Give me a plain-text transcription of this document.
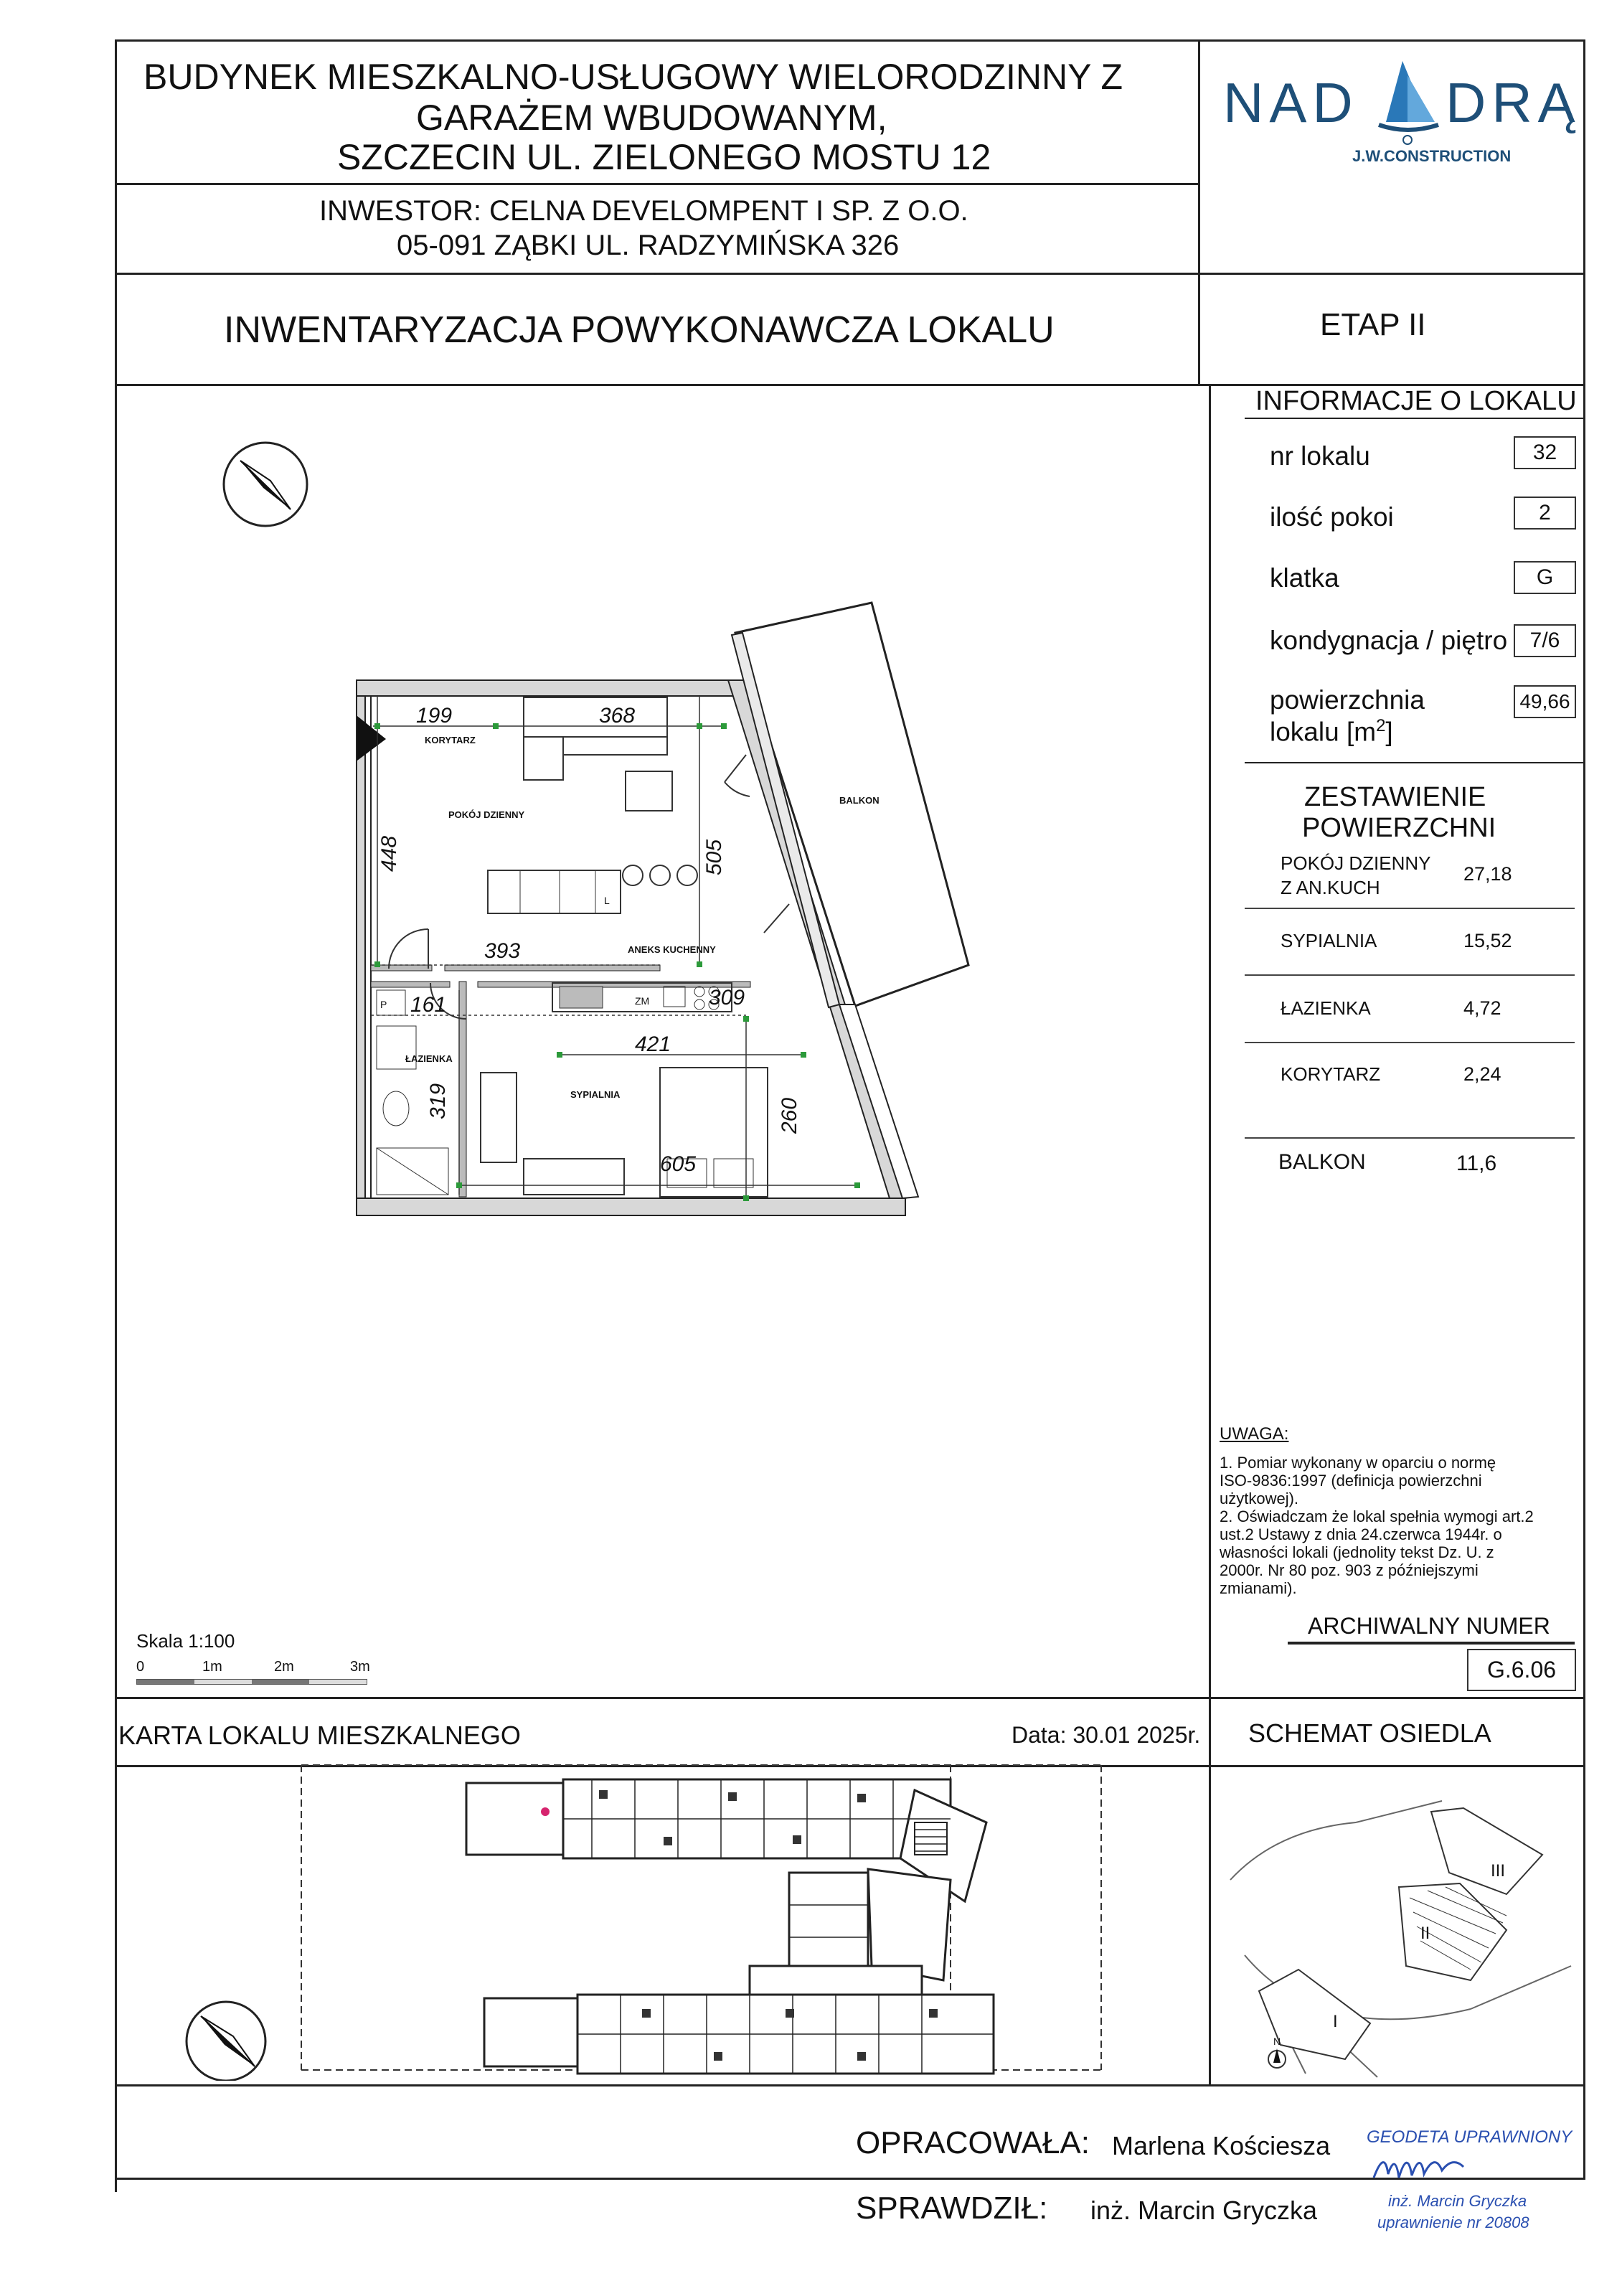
BUDYNEK MIESZKALNO-USŁUGOWY WIELORODZINNY Z
GARAŻEM WBUDOWANYM,
SZCZECIN UL. ZIELONEGO MOSTU 12
INWESTOR: CELNA DEVELOMPENT I SP. Z O.O.
05-091 ZĄBKI UL. RADZYMIŃSKA 326
INWENTARYZACJA POWYKONAWCZA LOKALU	ETAP II
NAD DRĄ
J.W.CONSTRUCTION
INFORMACJE O LOKALU
nr lokalu	32
ilość pokoi	2
klatka	G
kondygnacja / piętro	7/6
powierzchnia
lokalu $[m^2]$
49,66
ZESTAWIENIE
POWIERZCHNI
POKÓJ DZIENNY
Z AN.KUCH
27,18
SYPIALNIA	15,52
ŁAZIENKA	4,72
KORYTARZ	2,24
BALKON	11,6
UWAGA:
1. Pomiar wykonany w oparciu o normę
ISO-9836:1997 (definicja powierzchni
użytkowej).
2. Oświadczam że lokal spełnia wymogi art.2
ust.2 Ustawy z dnia 24.czerwca 1944r. o
własności lokali (jednolity tekst Dz. U. z
2000r. Nr 80 poz. 903 z późniejszymi
zmianami).
ARCHIWALNY NUMER
G.6.06
Skala 1:100
0	1m	2m	3m
199	368
448	505
393
161	309
421
319	260
605
KORYTARZ
POKÓJ DZIENNY
ANEKS KUCHENNY
SYPIALNIA
ŁAZIENKA
BALKON
ZM
L
P
KARTA LOKALU MIESZKALNEGO	Data: 30.01 2025r. SCHEMAT OSIEDLA
I
II
III
N
OPRACOWAŁA: Marlena Kościesza
SPRAWDZIŁ: inż. Marcin Gryczka
GEODETA UPRAWNIONY
inż. Marcin Gryczka
uprawnienie nr 20808
